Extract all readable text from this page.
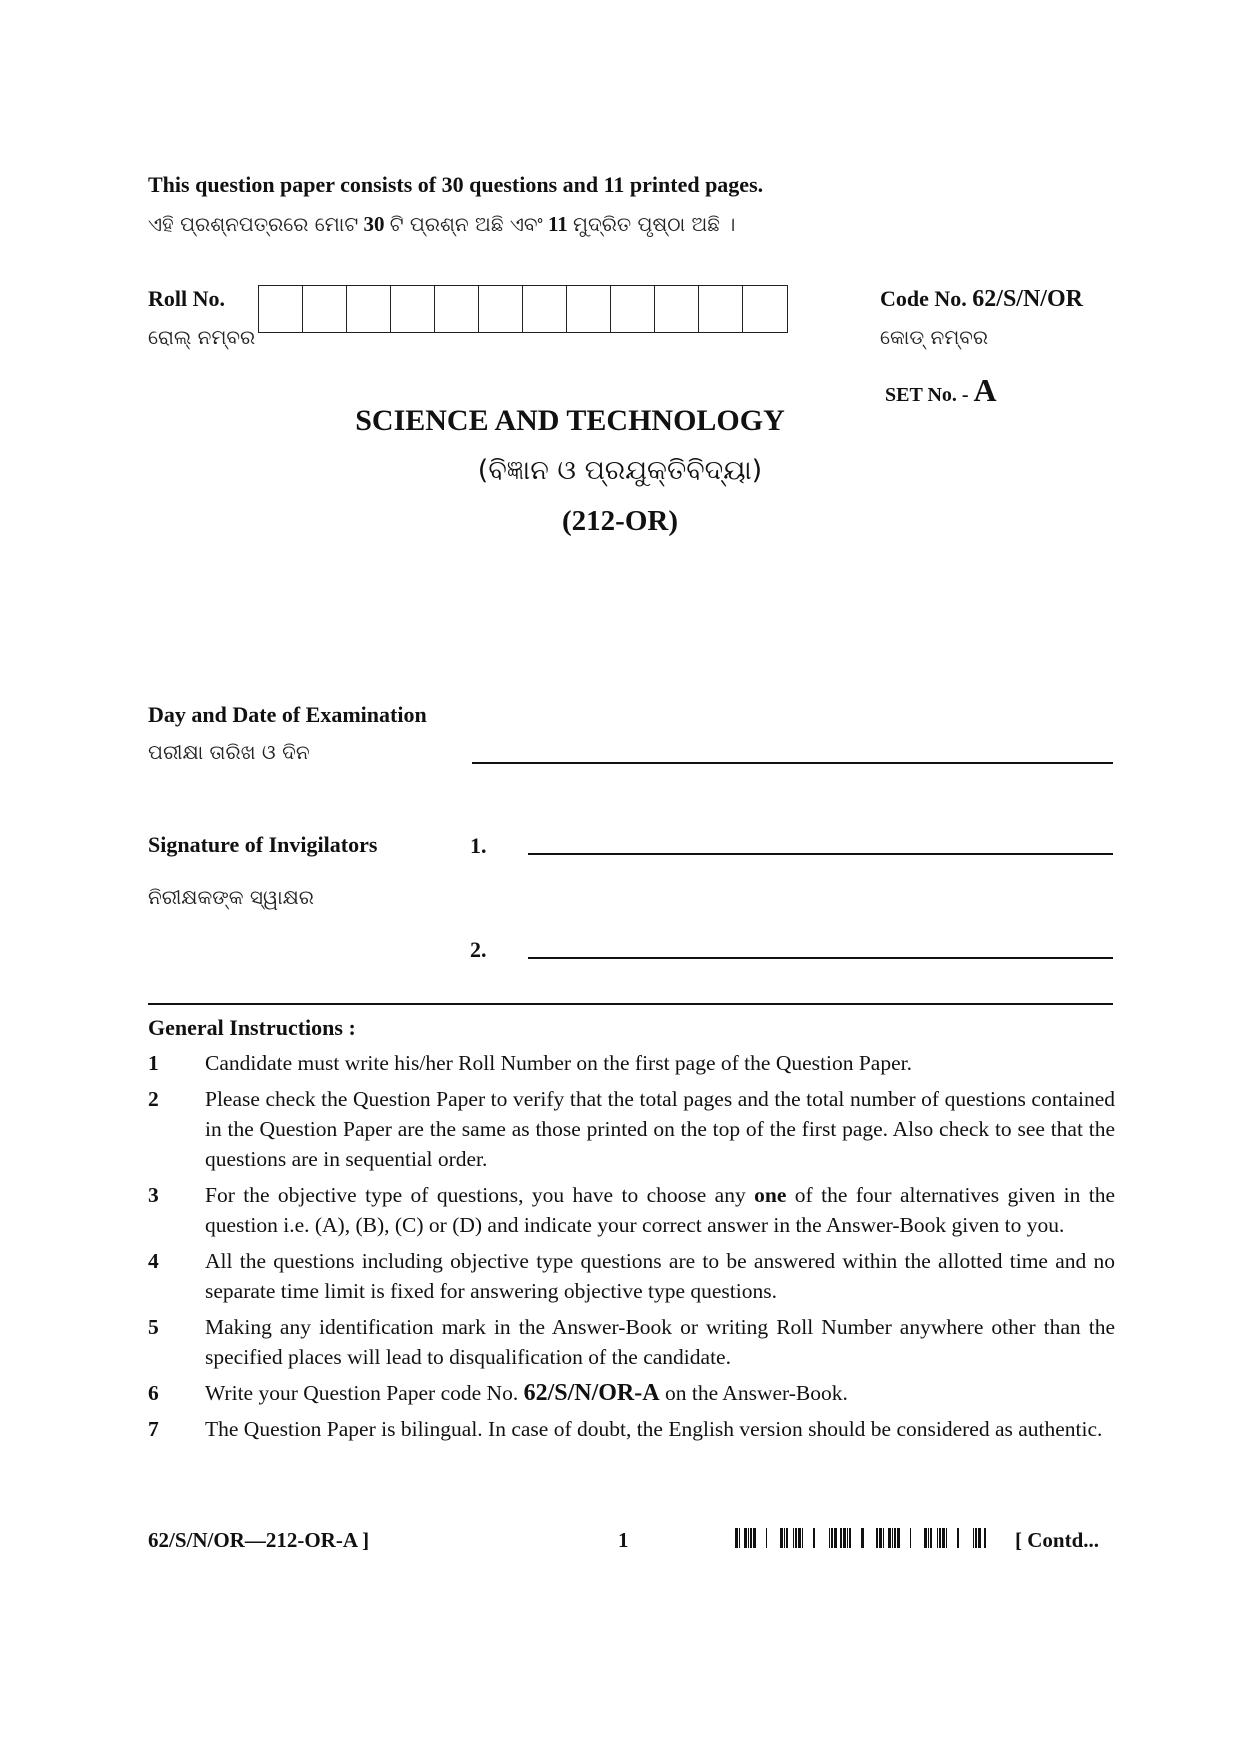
This question paper consists of 30 questions and 11 printed pages.
ଏହି ପ୍ରଶ୍ନପତ୍ରରେ ମୋଟ 30 ଟି ପ୍ରଶ୍ନ ଅଛି ଏବଂ 11 ମୁଦ୍ରିତ ପୃଷ୍ଠା ଅଛି ।
Roll No.
ରୋଲ୍ ନମ୍ବର
Code No. 62/S/N/OR
କୋଡ୍ ନମ୍ବର
SET No. - A
SCIENCE AND TECHNOLOGY
(ବିଜ୍ଞାନ ଓ ପ୍ରଯୁକ୍ତିବିଦ୍ୟା)
(212-OR)
Day and Date of Examination
ପରୀକ୍ଷା ତାରିଖ ଓ ଦିନ
Signature of Invigilators
ନିରୀକ୍ଷକଙ୍କ ସ୍ୱାକ୍ଷର
1.
2.
General Instructions :
1	Candidate must write his/her Roll Number on the first page of the Question Paper.
2	Please check the Question Paper to verify that the total pages and the total number of questions contained in the Question Paper are the same as those printed on the top of the first page. Also check to see that the questions are in sequential order.
3	For the objective type of questions, you have to choose any one of the four alternatives given in the question i.e. (A), (B), (C) or (D) and indicate your correct answer in the Answer-Book given to you.
4	All the questions including objective type questions are to be answered within the allotted time and no separate time limit is fixed for answering objective type questions.
5	Making any identification mark in the Answer-Book or writing Roll Number anywhere other than the specified places will lead to disqualification of the candidate.
6	Write your Question Paper code No. 62/S/N/OR-A on the Answer-Book.
7	The Question Paper is bilingual. In case of doubt, the English version should be considered as authentic.
62/S/N/OR—212-OR-A ]	1	[ Contd...
